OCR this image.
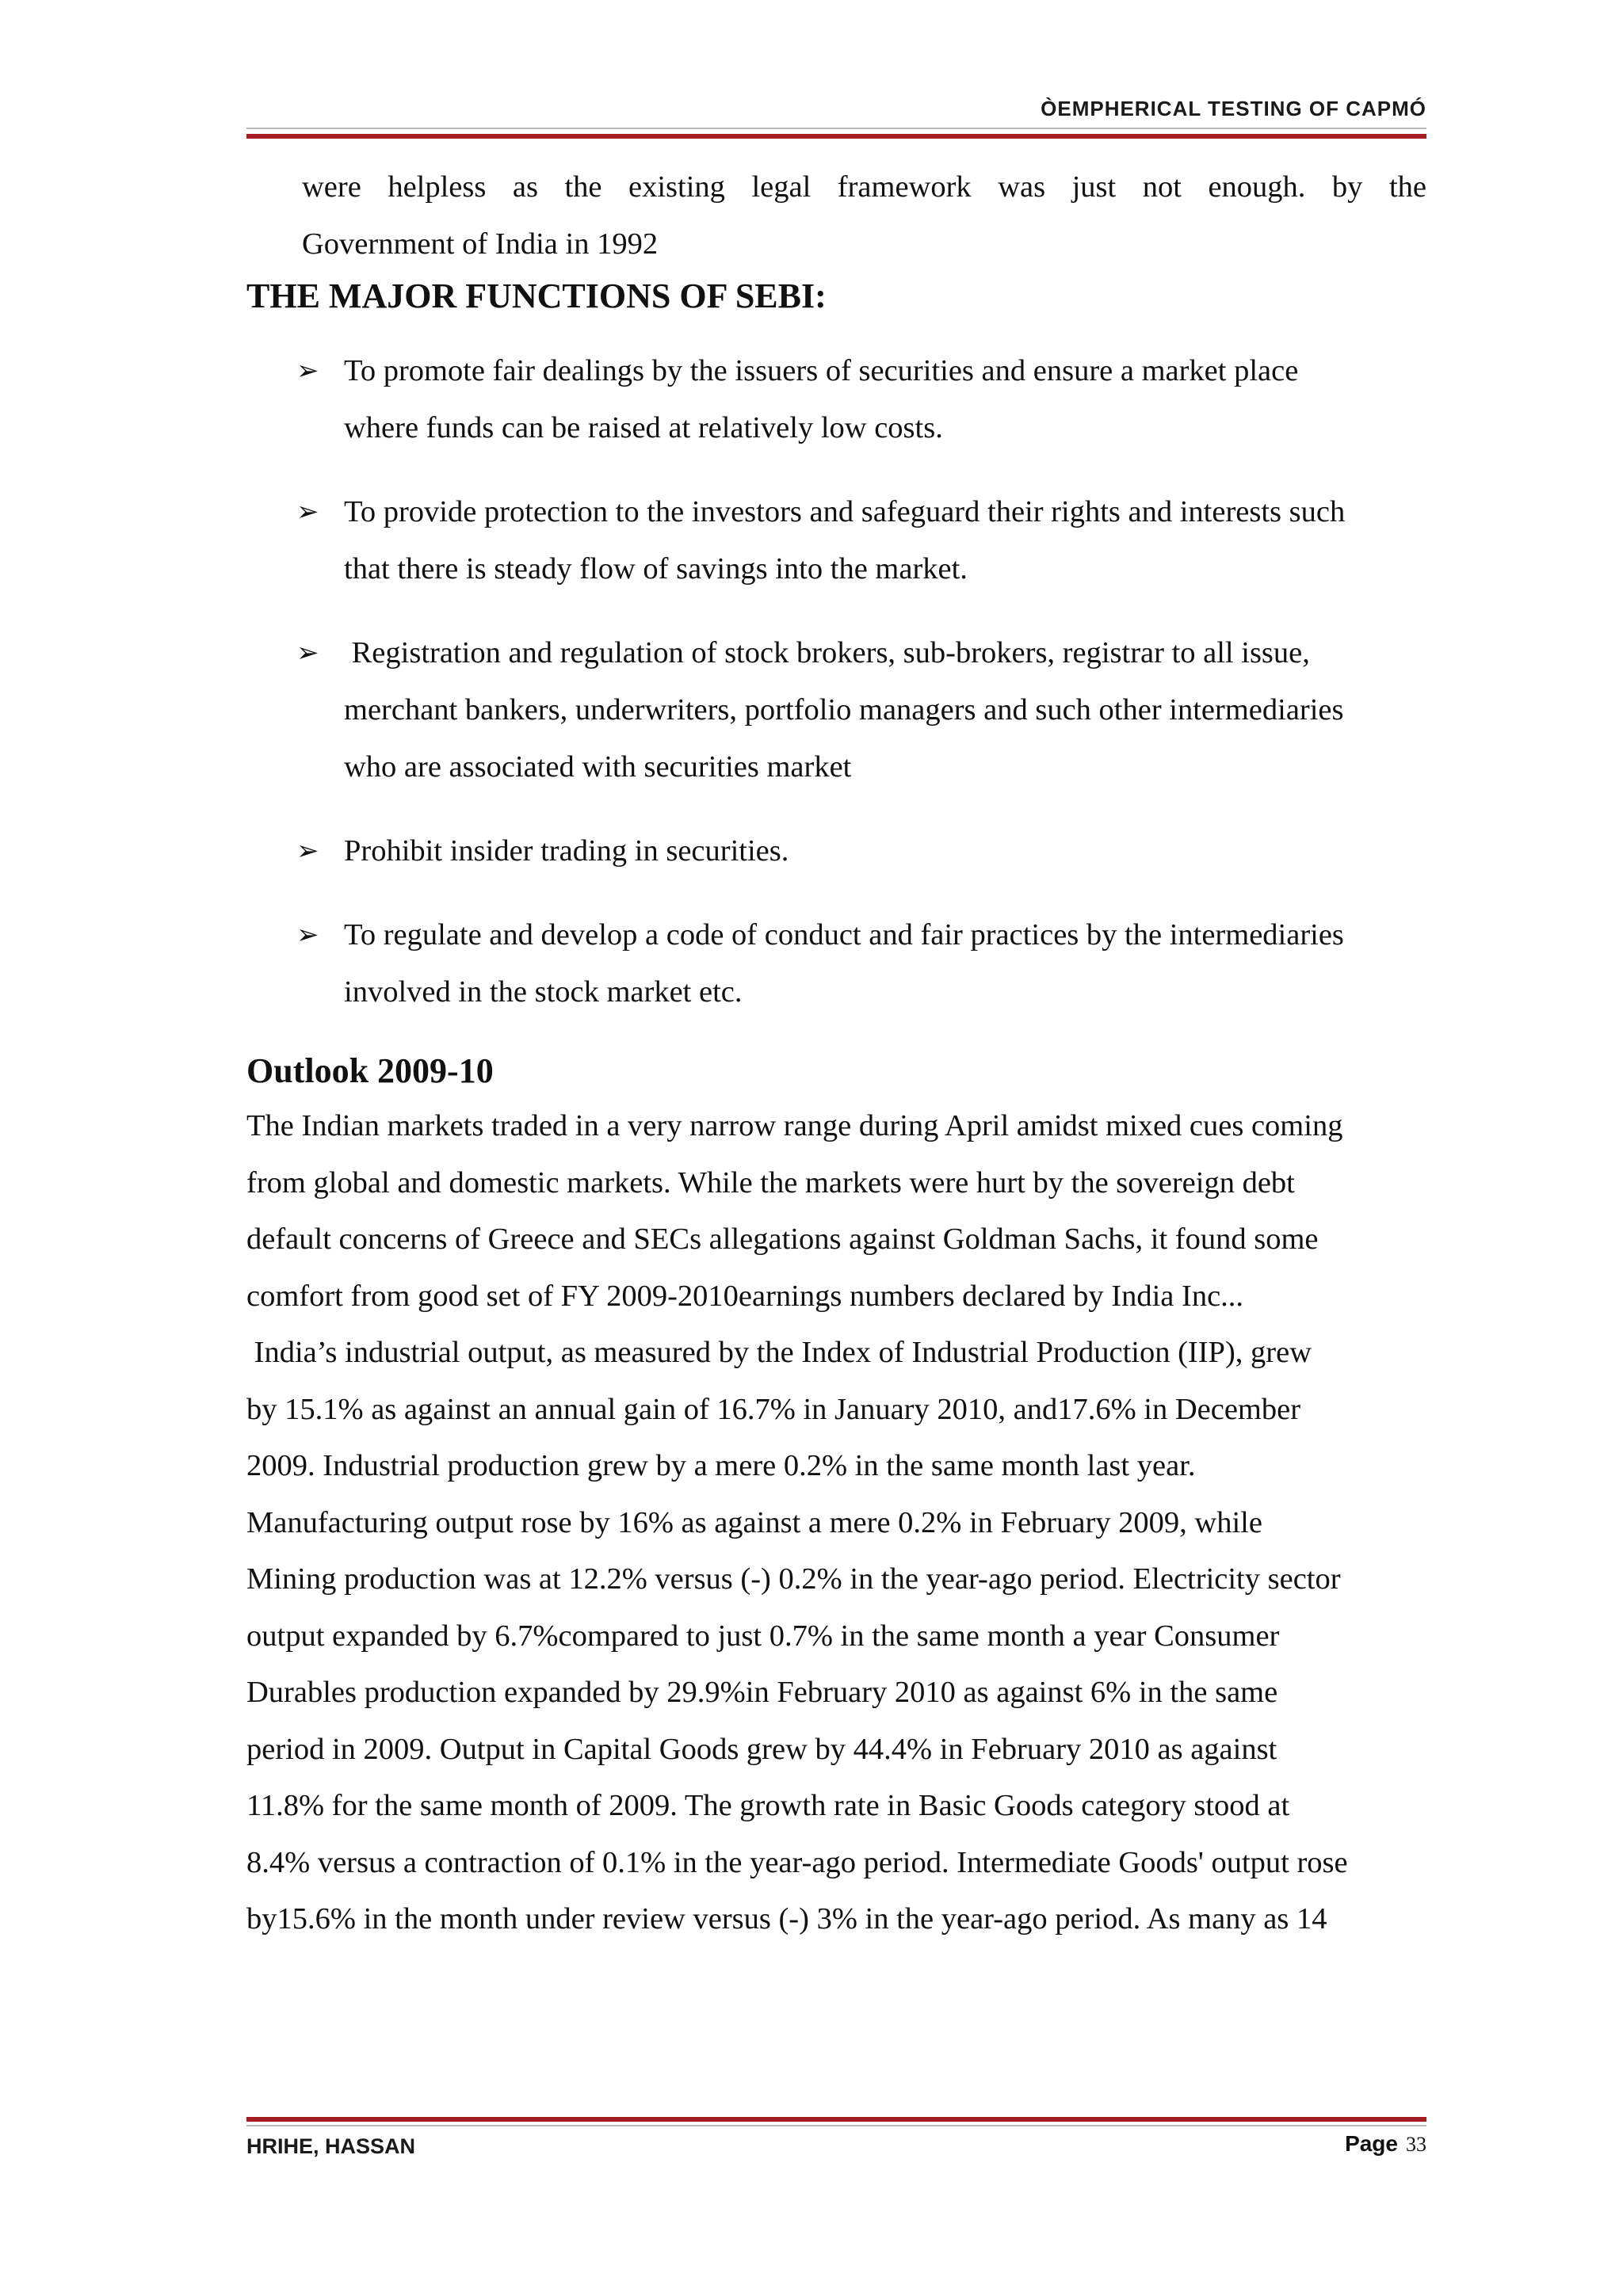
ÒEMPHERICAL TESTING OF CAPMÓ

were helpless as the existing legal framework was just not enough. by the
Government of India in 1992

THE MAJOR FUNCTIONS OF SEBI:
➢ To promote fair dealings by the issuers of securities and ensure a market place
where funds can be raised at relatively low costs.
➢ To provide protection to the investors and safeguard their rights and interests such
that there is steady flow of savings into the market.
➢ Registration and regulation of stock brokers, sub-brokers, registrar to all issue,
merchant bankers, underwriters, portfolio managers and such other intermediaries
who are associated with securities market
➢ Prohibit insider trading in securities.
➢ To regulate and develop a code of conduct and fair practices by the intermediaries
involved in the stock market etc.
Outlook 2009-10
The Indian markets traded in a very narrow range during April amidst mixed cues coming
from global and domestic markets. While the markets were hurt by the sovereign debt
default concerns of Greece and SECs allegations against Goldman Sachs, it found some
comfort from good set of FY 2009-2010earnings numbers declared by India Inc...
India’s industrial output, as measured by the Index of Industrial Production (IIP), grew
by 15.1% as against an annual gain of 16.7% in January 2010, and17.6% in December
2009. Industrial production grew by a mere 0.2% in the same month last year.
Manufacturing output rose by 16% as against a mere 0.2% in February 2009, while
Mining production was at 12.2% versus (-) 0.2% in the year-ago period. Electricity sector
output expanded by 6.7%compared to just 0.7% in the same month a year Consumer
Durables production expanded by 29.9%in February 2010 as against 6% in the same
period in 2009. Output in Capital Goods grew by 44.4% in February 2010 as against
11.8% for the same month of 2009. The growth rate in Basic Goods category stood at
8.4% versus a contraction of 0.1% in the year-ago period. Intermediate Goods' output rose
by15.6% in the month under review versus (-) 3% in the year-ago period. As many as 14
HRIHE, HASSAN	Page 33
